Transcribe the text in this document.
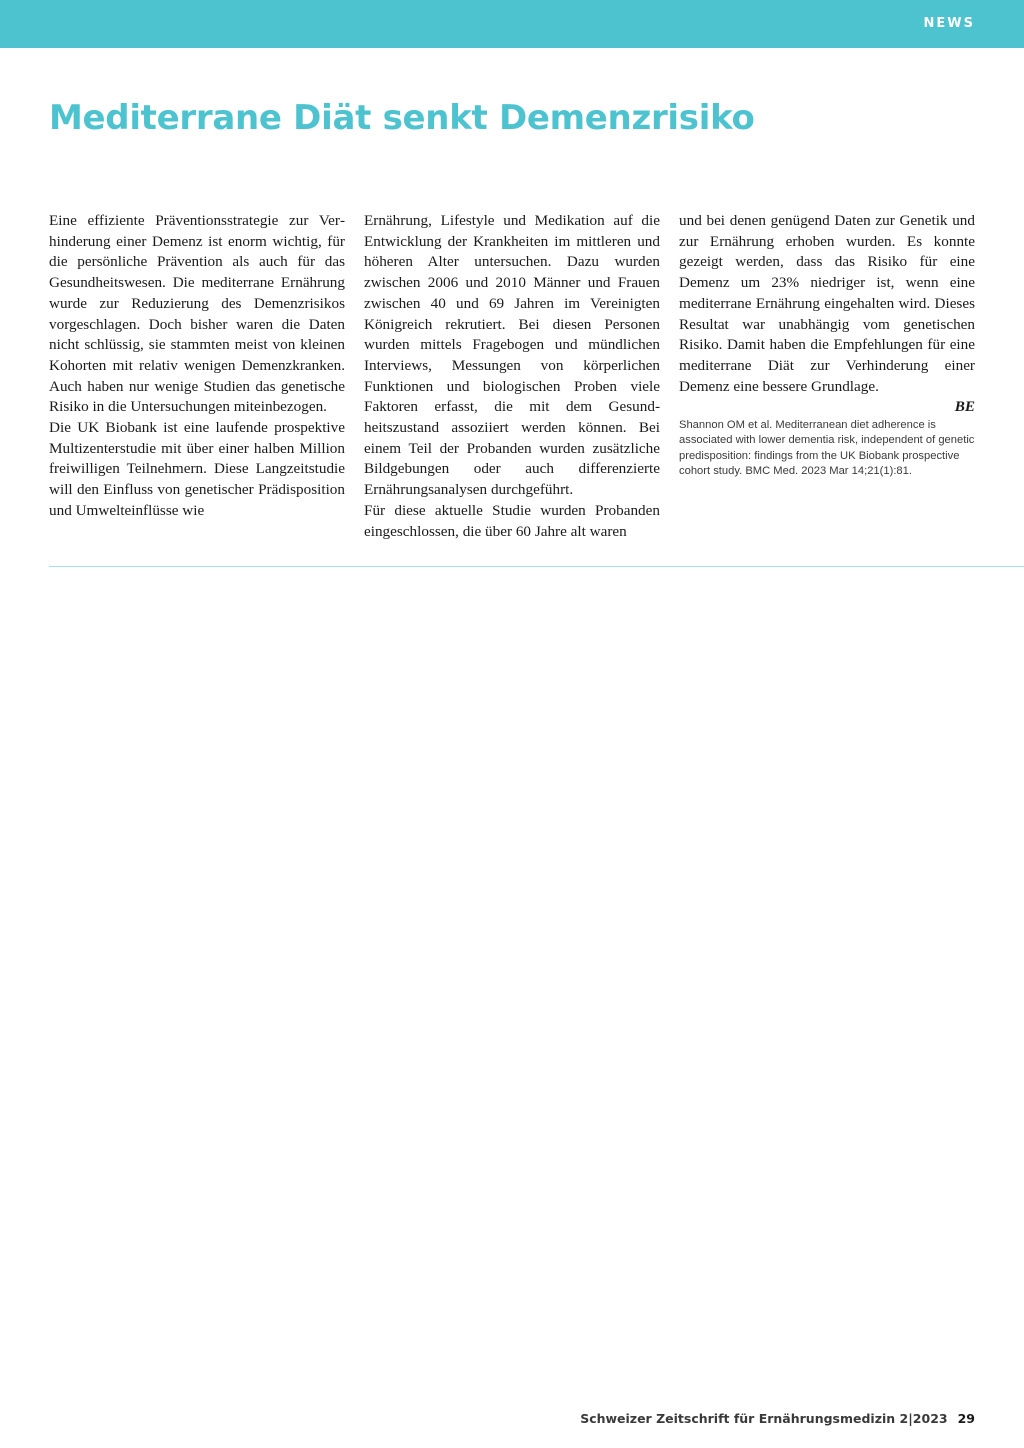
NEWS
Mediterrane Diät senkt Demenzrisiko

Eine effiziente Präventionsstrategie zur Verhinderung einer Demenz ist enorm wichtig, für die persönliche Prävention als auch für das Gesundheitswesen. Die mediterrane Ernährung wurde zur Reduzierung des Demenzrisikos vorgeschlagen. Doch bisher waren die Daten nicht schlüssig, sie stammten meist von kleinen Kohorten mit relativ wenigen Demenzkranken. Auch haben nur wenige Studien das genetische Risiko in die Untersuchungen miteinbezogen.

Die UK Biobank ist eine laufende prospektive Multizenterstudie mit über einer halben Million freiwilligen Teilnehmern. Diese Langzeitstudie will den Einfluss von genetischer Prädisposition und Umwelteinflüsse wie

Ernährung, Lifestyle und Medikation auf die Entwicklung der Krankheiten im mittleren und höheren Alter untersuchen. Dazu wurden zwischen 2006 und 2010 Männer und Frauen zwischen 40 und 69 Jahren im Vereinigten Königreich rekrutiert. Bei diesen Personen wurden mittels Fragebogen und mündlichen Interviews, Messungen von körperlichen Funktionen und biologischen Proben viele Faktoren erfasst, die mit dem Gesundheitszustand assoziiert werden können. Bei einem Teil der Probanden wurden zusätzliche Bildgebungen oder auch differenzierte Ernährungsanalysen durchgeführt.

Für diese aktuelle Studie wurden Probanden eingeschlossen, die über 60 Jahre alt waren

und bei denen genügend Daten zur Genetik und zur Ernährung erhoben wurden. Es konnte gezeigt werden, dass das Risiko für eine Demenz um 23% niedriger ist, wenn eine mediterrane Ernährung eingehalten wird. Dieses Resultat war unabhängig vom genetischen Risiko. Damit haben die Empfehlungen für eine mediterrane Diät zur Verhinderung einer Demenz eine bessere Grundlage.

BE

Shannon OM et al. Mediterranean diet adherence is associated with lower dementia risk, independent of genetic predisposition: findings from the UK Biobank prospective cohort study. BMC Med. 2023 Mar 14;21(1):81.

Schweizer Zeitschrift für Ernährungsmedizin 2|2023 29
